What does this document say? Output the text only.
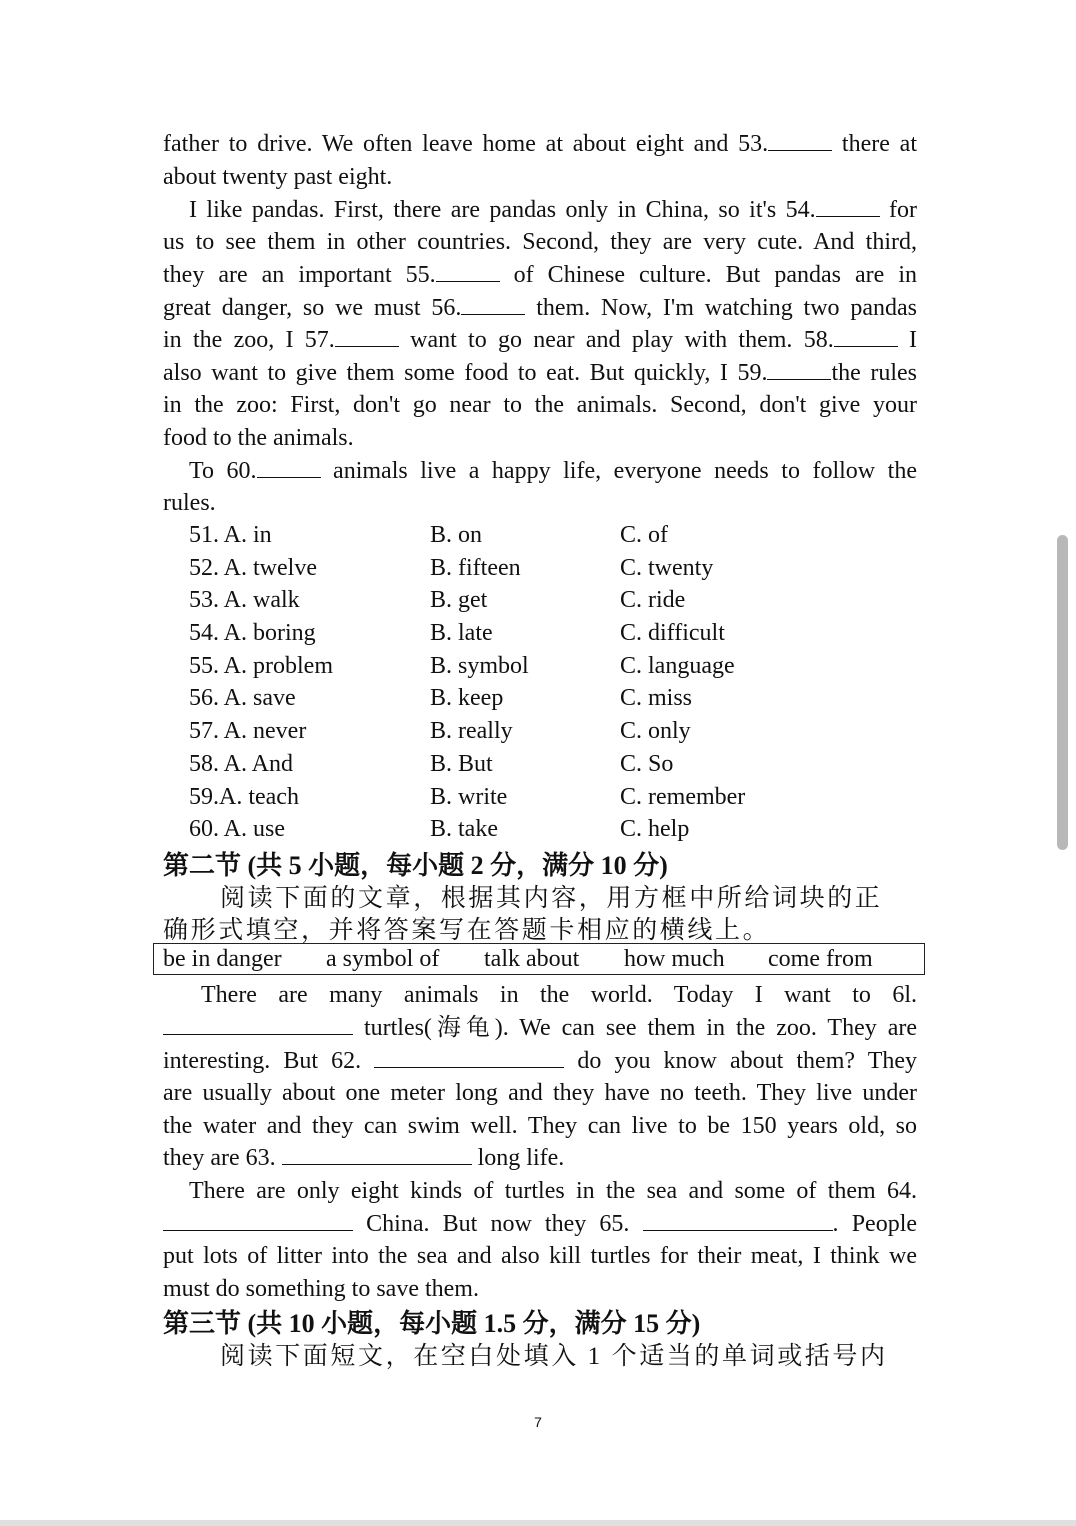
father to drive. We often leave home at about eight and 53.	there at
about twenty past eight.
I like pandas. First, there are pandas only in China, so it's 54.	for
us to see them in other countries. Second, they are very cute. And third,
they are an important 55.	of Chinese culture. But pandas are in
great danger, so we must 56.	them. Now, I'm watching two pandas
in the zoo, I 57.	want to go near and play with them. 58.	I
also want to give them some food to eat. But quickly, I 59.	the rules
in the zoo: First, don't go near to the animals. Second, don't give your
food to the animals.
To 60.	animals live a happy life, everyone needs to follow the
rules.
51. A. in	B. on	C. of
52. A. twelve	B. fifteen	C. twenty
53. A. walk	B. get	C. ride
54. A. boring	B. late	C. difficult
55. A. problem	B. symbol	C. language
56. A. save	B. keep	C. miss
57. A. never	B. really	C. only
58. A. And	B. But	C. So
59.A. teach	B. write	C. remember
60. A. use	B. take	C. help
第二节 (共 5 小题，每小题 2 分，满分 10 分)
阅读下面的文章，根据其内容，用方框中所给词块的正
确形式填空，并将答案写在答题卡相应的横线上。
be in danger a symbol of talk about how much come from
There are many animals in the world. Today I want to 6l.
turtles(海龟). We can see them in the zoo. They are
interesting. But 62.	do you know about them? They
are usually about one meter long and they have no teeth. They live under
the water and they can swim well. They can live to be 150 years old, so
they are 63.	long life.
There are only eight kinds of turtles in the sea and some of them 64.
China. But now they 65.	. People
put lots of litter into the sea and also kill turtles for their meat, I think we
must do something to save them.
第三节 (共 10 小题，每小题 1.5 分，满分 15 分)
阅读下面短文，在空白处填入 1 个适当的单词或括号内
7
